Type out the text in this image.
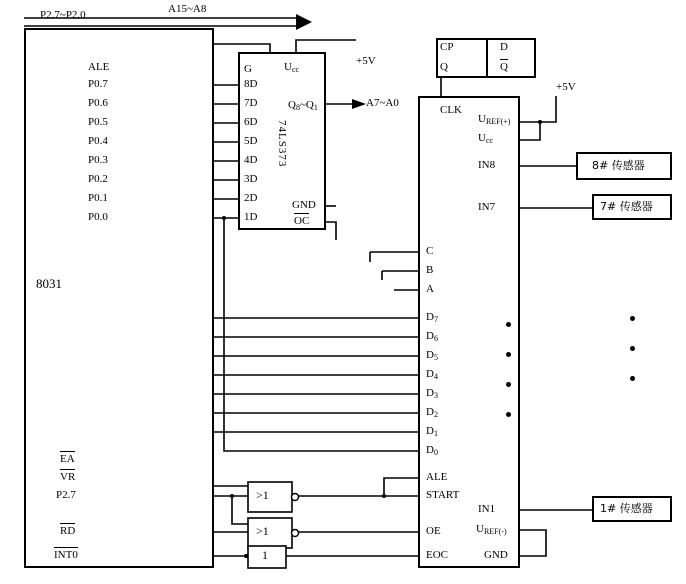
8031
P2.7~P2.0	A15~A8
ALE
P0.7
P0.6
P0.5
P0.4
P0.3
P0.2
P0.1
P0.0
EA
VR
P2.7
RD
INT0
74LS373
G	$U_{cc}$
+5V
8D
7D
6D
5D
4D
3D
2D
1D
GND
OC
$Q_8\sim Q_1$	A7~A0
CP
Q
D
Q
CLK
$U_{REF(+)}$
$U_{cc}$
+5V
IN8
IN7
C
B
A
$D_7$
$D_6$
$D_5$
$D_4$
$D_3$
$D_2$
$D_1$
$D_0$
ALE
START
OE
EOC
IN1
$U_{REF(-)}$
GND
>1
>1
1
8# 传感器
7# 传感器
1# 传感器
